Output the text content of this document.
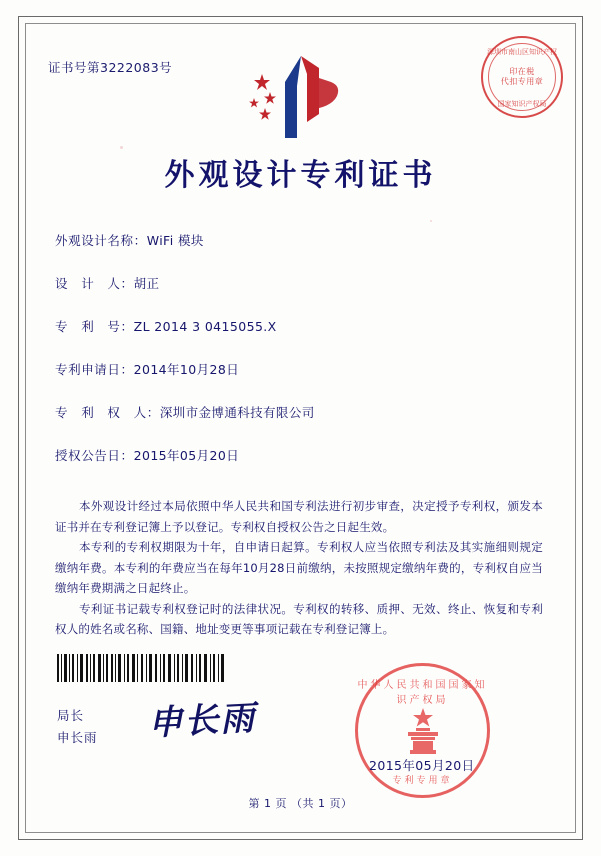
证书号第3222083号
深圳市南山区知识产权
印在税
代扣专用章
国家知识产权局
外观设计专利证书
外观设计名称：WiFi 模块
设　计　人：胡正
专　利　号：ZL 2014 3 0415055.X
专利申请日：2014年10月28日
专　利　权　人：深圳市金博通科技有限公司
授权公告日：2015年05月20日

本外观设计经过本局依照中华人民共和国专利法进行初步审查，决定授予专利权，颁发本证书并在专利登记簿上予以登记。专利权自授权公告之日起生效。

本专利的专利权期限为十年，自申请日起算。专利权人应当依照专利法及其实施细则规定缴纳年费。本专利的年费应当在每年10月28日前缴纳，未按照规定缴纳年费的，专利权自应当缴纳年费期满之日起终止。

专利证书记载专利权登记时的法律状况。专利权的转移、质押、无效、终止、恢复和专利权人的姓名或名称、国籍、地址变更等事项记载在专利登记簿上。

局长
申长雨 申长雨
中华人民共和国国家知识产权局
专利专用章
2015年05月20日
第 1 页 （共 1 页）
